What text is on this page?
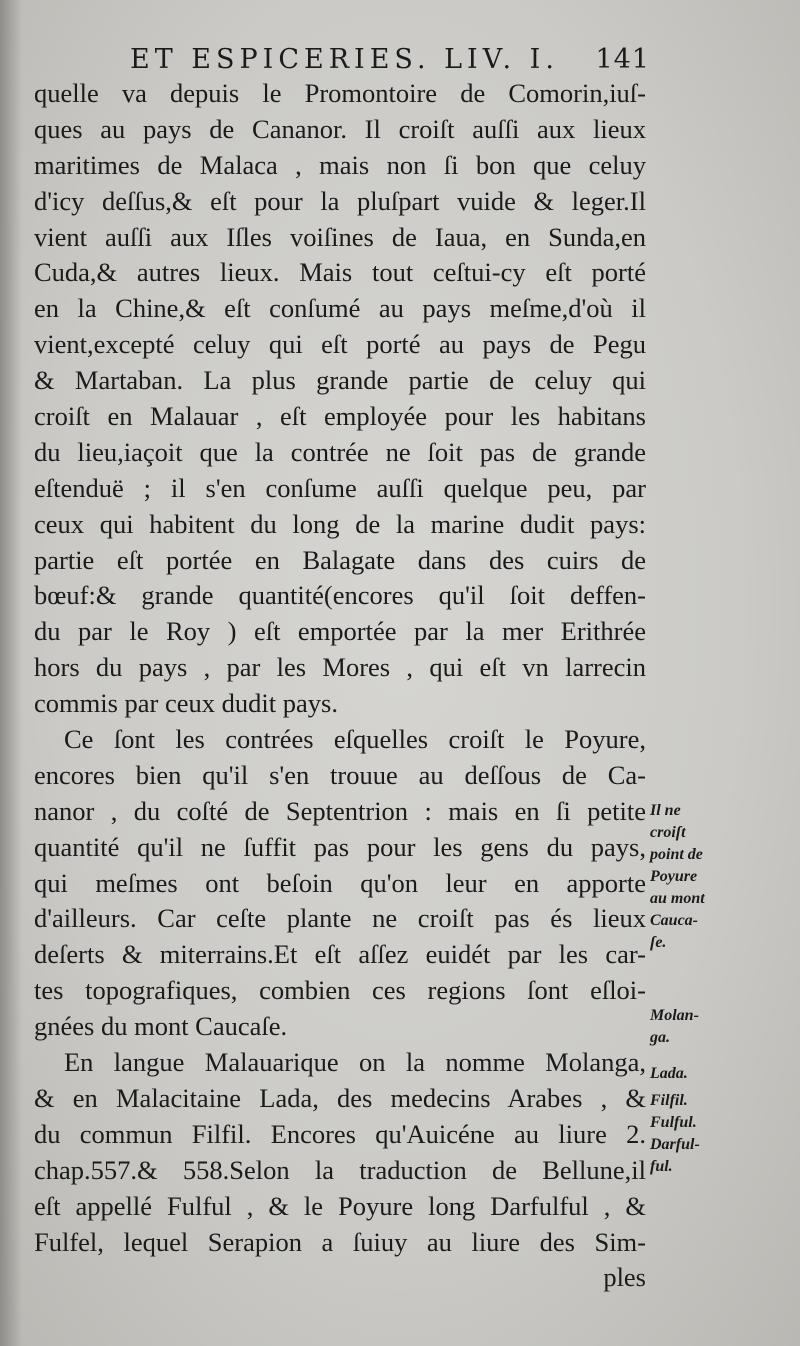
ET ESPICERIES. LIV. I. 141
quelle va depuis le Promontoire de Comorin,iuſ-
ques au pays de Cananor. Il croiſt auſſi aux lieux
maritimes de Malaca , mais non ſi bon que celuy
d'icy deſſus,& eſt pour la pluſpart vuide & leger.Il
vient auſſi aux Iſles voiſines de Iaua, en Sunda,en
Cuda,& autres lieux. Mais tout ceſtui-cy eſt porté
en la Chine,& eſt conſumé au pays meſme,d'où il
vient,excepté celuy qui eſt porté au pays de Pegu
& Martaban. La plus grande partie de celuy qui
croiſt en Malauar , eſt employée pour les habitans
du lieu,iaçoit que la contrée ne ſoit pas de grande
eſtenduë ; il s'en conſume auſſi quelque peu, par
ceux qui habitent du long de la marine dudit pays:
partie eſt portée en Balagate dans des cuirs de
bœuf:& grande quantité(encores qu'il ſoit deffen-
du par le Roy ) eſt emportée par la mer Erithrée
hors du pays , par les Mores , qui eſt vn larrecin
commis par ceux dudit pays.
Ce ſont les contrées eſquelles croiſt le Poyure,
encores bien qu'il s'en trouue au deſſous de Ca-
nanor , du coſté de Septentrion : mais en ſi petite
quantité qu'il ne ſuffit pas pour les gens du pays,
qui meſmes ont beſoin qu'on leur en apporte
d'ailleurs. Car ceſte plante ne croiſt pas és lieux
deſerts & miterrains.Et eſt aſſez euidét par les car-
tes topografiques, combien ces regions ſont eſloi-
gnées du mont Caucaſe.
En langue Malauarique on la nomme Molanga,
& en Malacitaine Lada, des medecins Arabes , &
du commun Filfil. Encores qu'Auicéne au liure 2.
chap.557.& 558.Selon la traduction de Bellune,il
eſt appellé Fulful , & le Poyure long Darfulful , &
Fulfel, lequel Serapion a ſuiuy au liure des Sim-
ples
Il ne
croiſt
point de
Poyure
au mont
Cauca-
ſe.
Molan-
ga.
Lada.
Filfil.
Fulful.
Darful-
ful.
